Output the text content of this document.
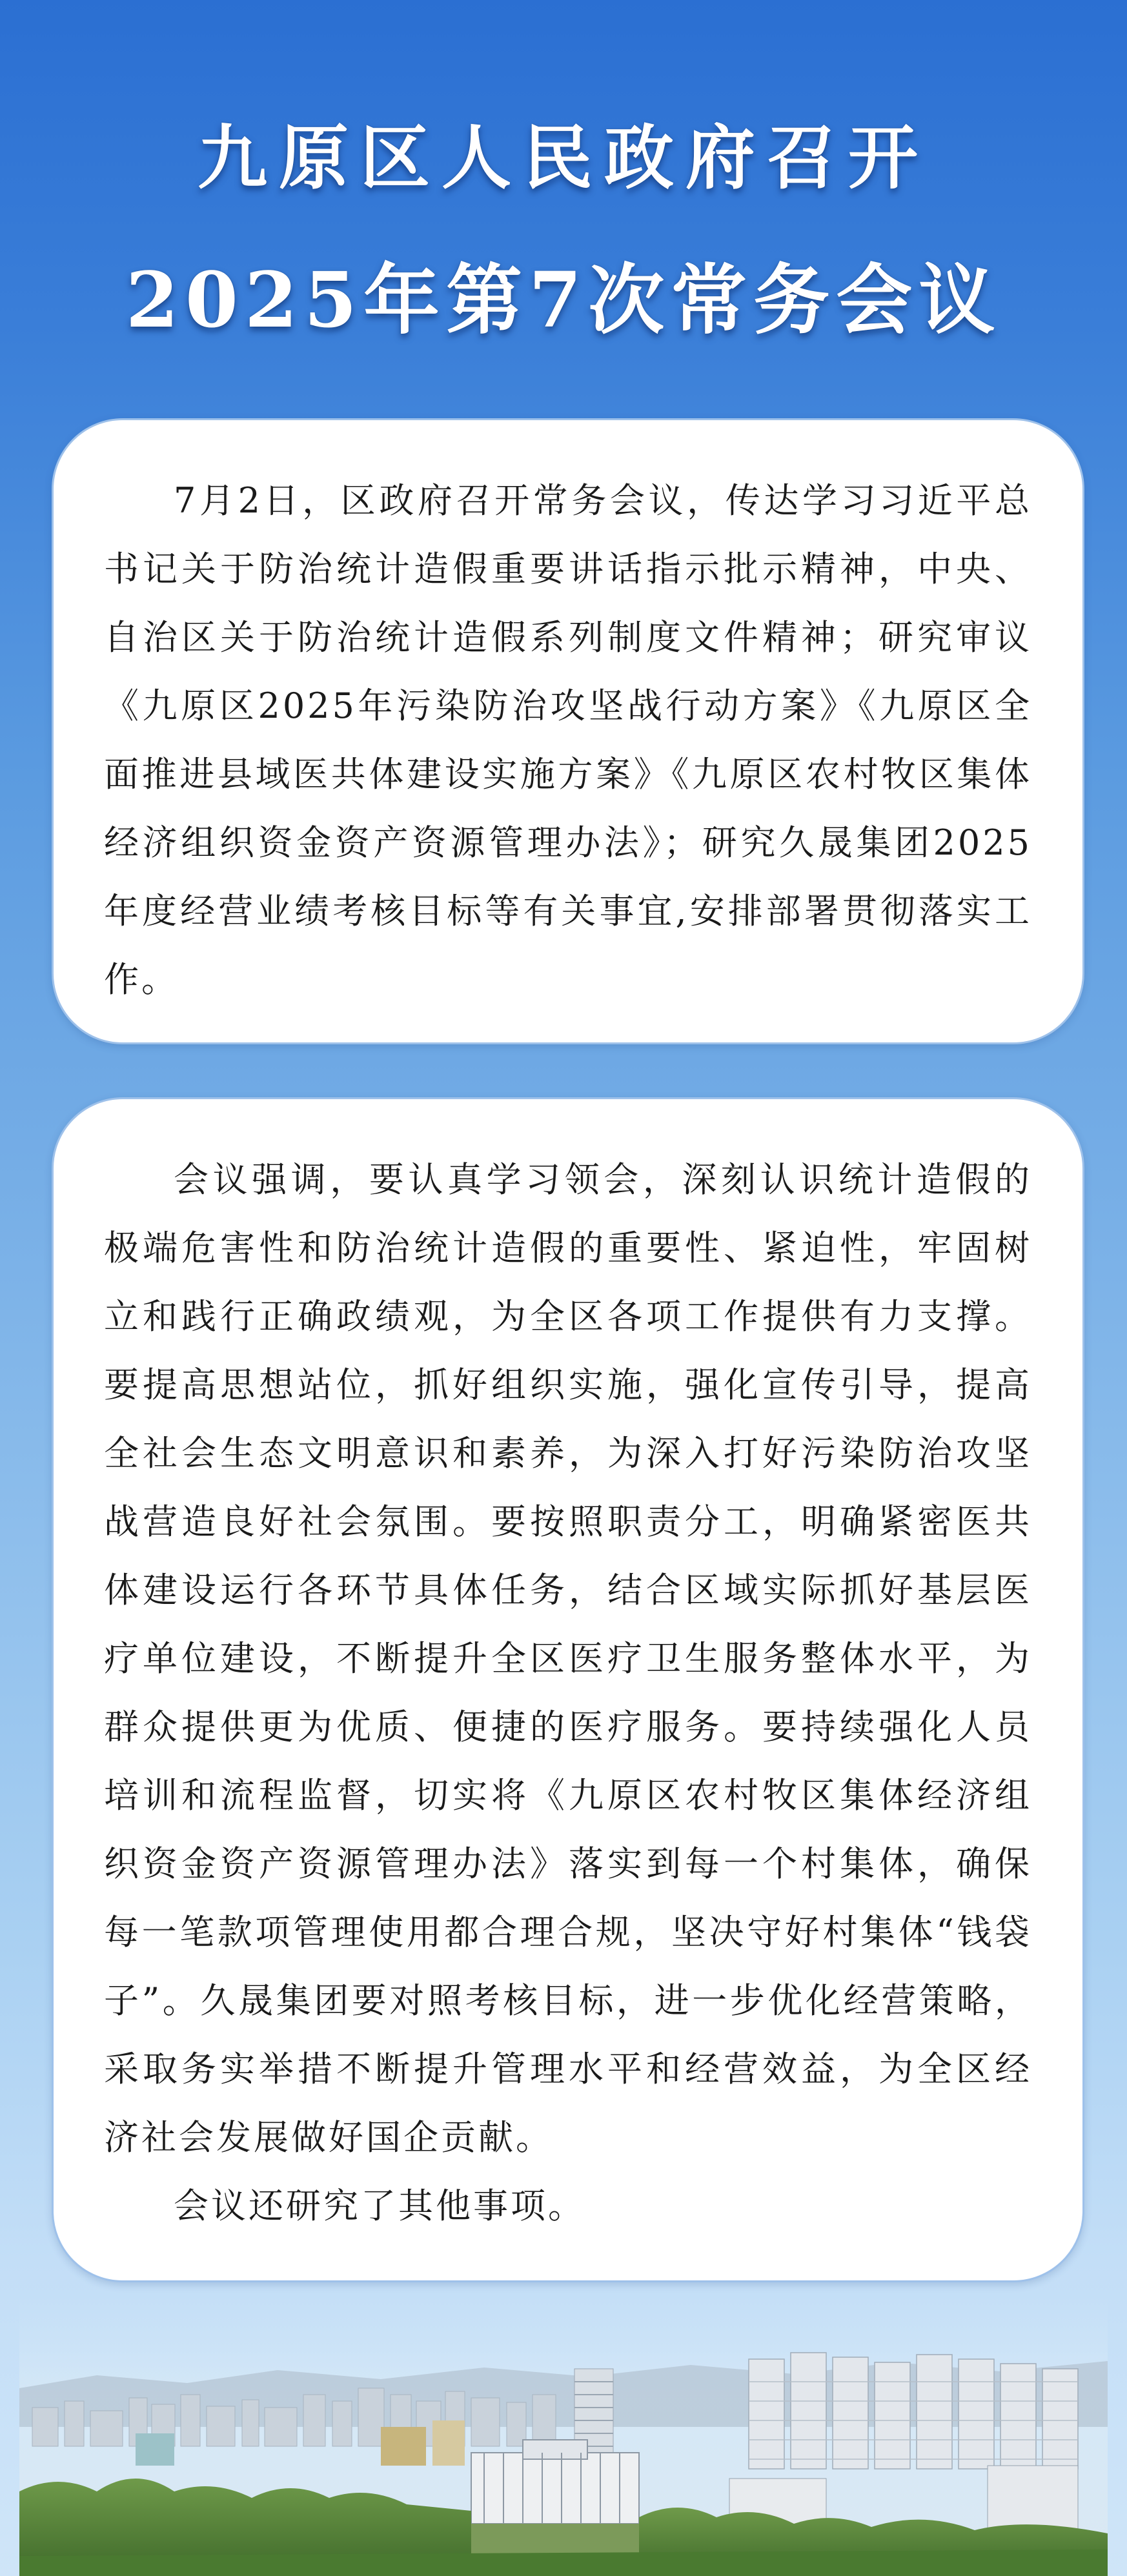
九原区人民政府召开
2025年第7次常务会议

7月2日，区政府召开常务会议，传达学习习近平总书记关于防治统计造假重要讲话指示批示精神，中央、自治区关于防治统计造假系列制度文件精神；研究审议《九原区2025年污染防治攻坚战行动方案》《九原区全面推进县域医共体建设实施方案》《九原区农村牧区集体经济组织资金资产资源管理办法》；研究久晟集团2025年度经营业绩考核目标等有关事宜,安排部署贯彻落实工作。

会议强调，要认真学习领会，深刻认识统计造假的极端危害性和防治统计造假的重要性、紧迫性，牢固树立和践行正确政绩观，为全区各项工作提供有力支撑。要提高思想站位，抓好组织实施，强化宣传引导，提高全社会生态文明意识和素养，为深入打好污染防治攻坚战营造良好社会氛围。要按照职责分工，明确紧密医共体建设运行各环节具体任务，结合区域实际抓好基层医疗单位建设，不断提升全区医疗卫生服务整体水平，为群众提供更为优质、便捷的医疗服务。要持续强化人员培训和流程监督，切实将《九原区农村牧区集体经济组织资金资产资源管理办法》落实到每一个村集体，确保每一笔款项管理使用都合理合规，坚决守好村集体“钱袋子”。久晟集团要对照考核目标，进一步优化经营策略，采取务实举措不断提升管理水平和经营效益，为全区经济社会发展做好国企贡献。

会议还研究了其他事项。
